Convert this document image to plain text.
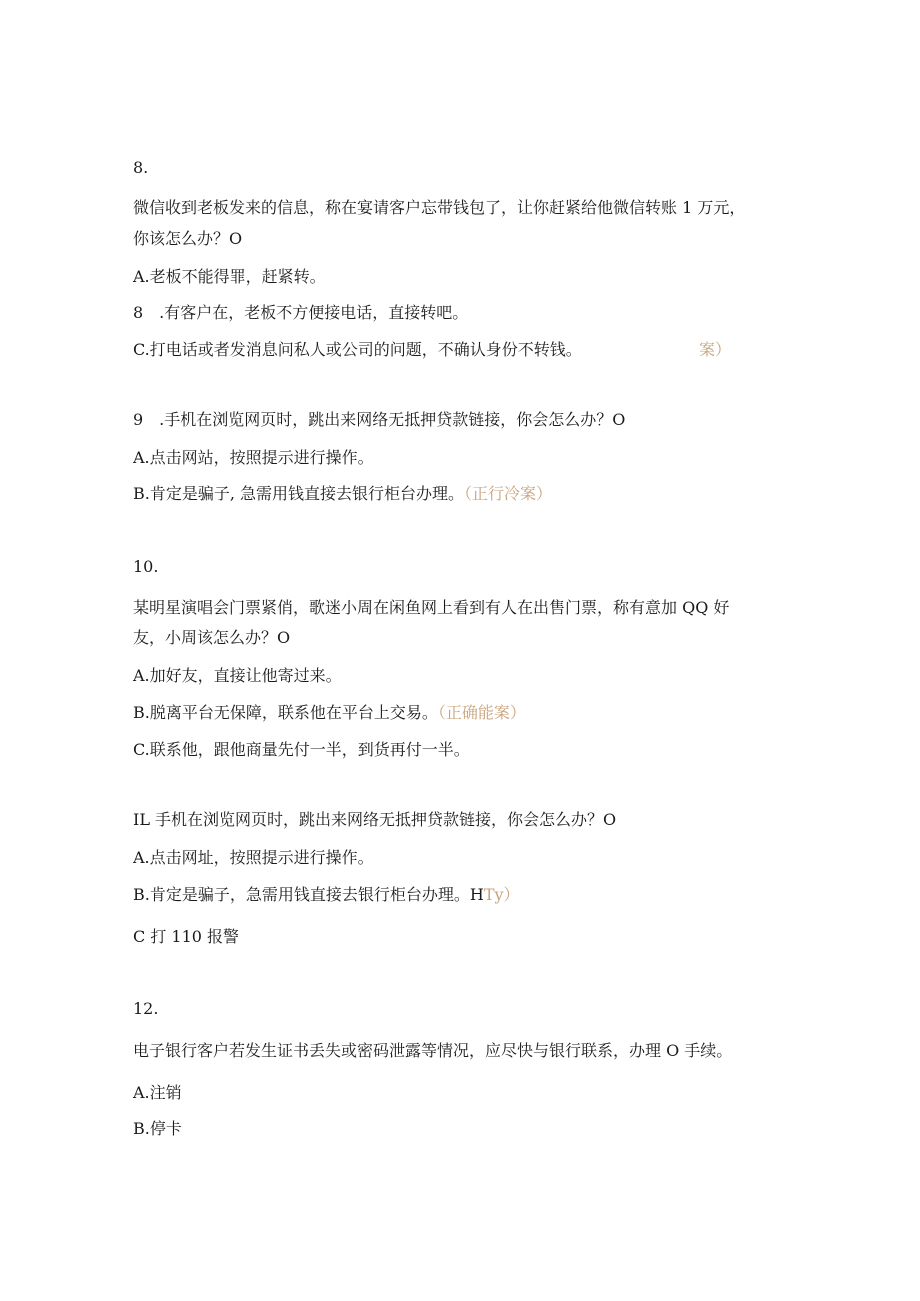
8.
微信收到老板发来的信息，称在宴请客户忘带钱包了，让你赶紧给他微信转账 1 万元，
你该怎么办？O
A.老板不能得罪，赶紧转。
8　.有客户在，老板不方便接电话，直接转吧。
C.打电话或者发消息问私人或公司的问题，不确认身份不转钱。	案）
9　.手机在浏览网页时，跳出来网络无抵押贷款链接，你会怎么办？O
A.点击网站，按照提示进行操作。
B.肯定是骗子, 急需用钱直接去银行柜台办理。（正行冷案）
10.
某明星演唱会门票紧俏，歌迷小周在闲鱼网上看到有人在出售门票，称有意加 QQ 好
友，小周该怎么办？O
A.加好友，直接让他寄过来。
B.脱离平台无保障，联系他在平台上交易。（正确能案）
C.联系他，跟他商量先付一半，到货再付一半。
IL 手机在浏览网页时，跳出来网络无抵押贷款链接，你会怎么办？O
A.点击网址，按照提示进行操作。
B.肯定是骗子，急需用钱直接去银行柜台办理。HTy）
C 打 110 报警
12.
电子银行客户若发生证书丢失或密码泄露等情况，应尽快与银行联系，办理 O 手续。
A.注销
B.停卡
